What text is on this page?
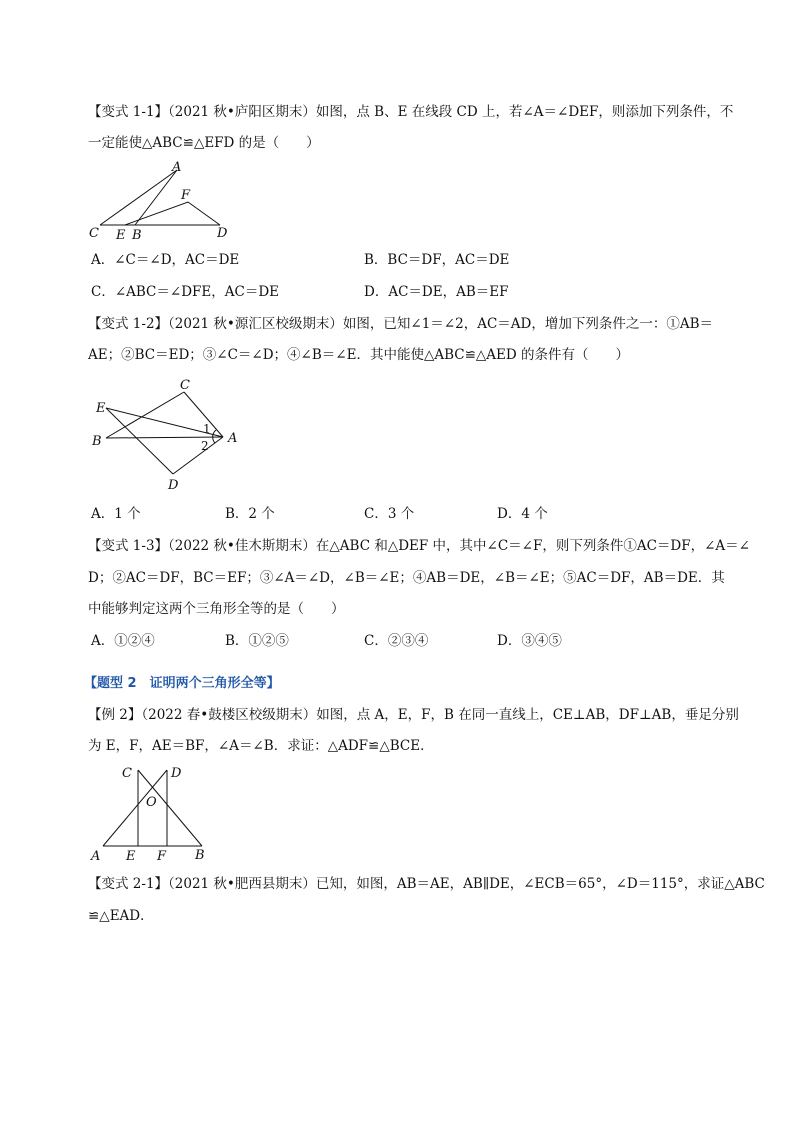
【变式 1-1】（2021 秋•庐阳区期末）如图，点 B、E 在线段 CD 上，若∠A＝∠DEF，则添加下列条件，不
一定能使△ABC≌△EFD 的是（　　）
A
F
C E B	D
A．∠C＝∠D，AC＝DE	B．BC＝DF，AC＝DE
C．∠ABC＝∠DFE，AC＝DE	D．AC＝DE，AB＝EF
【变式 1-2】（2021 秋•源汇区校级期末）如图，已知∠1＝∠2，AC＝AD，增加下列条件之一：①AB＝
AE；②BC＝ED；③∠C＝∠D；④∠B＝∠E．其中能使△ABC≌△AED 的条件有（　　）
C
E
B	A
D
1
2
A．1 个	B．2 个	C．3 个	D．4 个
【变式 1-3】（2022 秋•佳木斯期末）在△ABC 和△DEF 中，其中∠C＝∠F，则下列条件①AC＝DF，∠A＝∠
D；②AC＝DF，BC＝EF；③∠A＝∠D，∠B＝∠E；④AB＝DE，∠B＝∠E；⑤AC＝DF，AB＝DE．其
中能够判定这两个三角形全等的是（　　）
A．①②④	B．①②⑤	C．②③④	D．③④⑤
【题型 2　证明两个三角形全等】
【例 2】（2022 春•鼓楼区校级期末）如图，点 A，E，F，B 在同一直线上，CE⊥AB，DF⊥AB，垂足分别
为 E，F，AE＝BF，∠A＝∠B．求证：△ADF≌△BCE．
C	D
O
A E F B
【变式 2-1】（2021 秋•肥西县期末）已知，如图，AB＝AE，AB∥DE，∠ECB＝65°，∠D＝115°，求证△ABC
≌△EAD．
